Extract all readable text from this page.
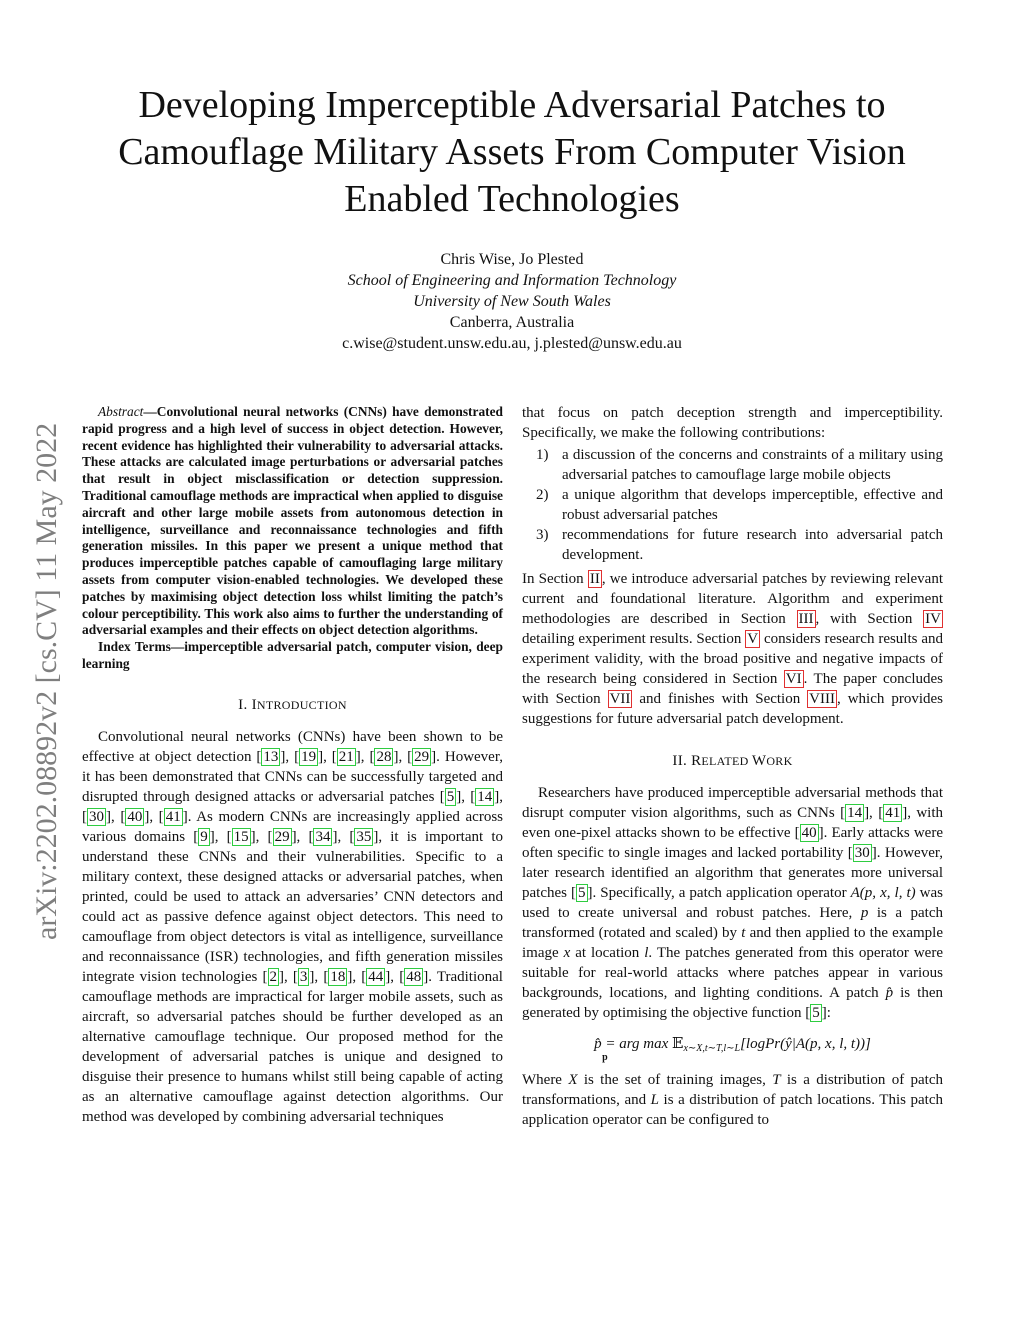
Developing Imperceptible Adversarial Patches to
Camouflage Military Assets From Computer Vision
Enabled Technologies
Chris Wise, Jo Plested
School of Engineering and Information Technology
University of New South Wales
Canberra, Australia
c.wise@student.unsw.edu.au, j.plested@unsw.edu.au
arXiv:2202.08892v2 [cs.CV] 11 May 2022

Abstract—Convolutional neural networks (CNNs) have demonstrated rapid progress and a high level of success in object detection. However, recent evidence has highlighted their vulnerability to adversarial attacks. These attacks are calculated image perturbations or adversarial patches that result in object misclassification or detection suppression. Traditional camouflage methods are impractical when applied to disguise aircraft and other large mobile assets from autonomous detection in intelligence, surveillance and reconnaissance technologies and fifth generation missiles. In this paper we present a unique method that produces imperceptible patches capable of camouflaging large military assets from computer vision-enabled technologies. We developed these patches by maximising object detection loss whilst limiting the patch’s colour perceptibility. This work also aims to further the understanding of adversarial examples and their effects on object detection algorithms.

Index Terms—imperceptible adversarial patch, computer vision, deep learning

I. INTRODUCTION

Convolutional neural networks (CNNs) have been shown to be effective at object detection [ 13 ], [ 19 ], [ 21 ], [ 28 ], [ 29 ]. However, it has been demonstrated that CNNs can be successfully targeted and disrupted through designed attacks or adversarial patches [ 5 ], [ 14 ], [ 30 ], [ 40 ], [ 41 ]. As modern CNNs are increasingly applied across various domains [ 9 ], [ 15 ], [ 29 ], [ 34 ], [ 35 ], it is important to understand these CNNs and their vulnerabilities. Specific to a military context, these designed attacks or adversarial patches, when printed, could be used to attack an adversaries’ CNN detectors and could act as passive defence against object detectors. This need to camouflage from object detectors is vital as intelligence, surveillance and reconnaissance (ISR) technologies, and fifth generation missiles integrate vision technologies [ 2 ], [ 3 ], [ 18 ], [ 44 ], [ 48 ]. Traditional camouflage methods are impractical for larger mobile assets, such as aircraft, so adversarial patches should be further developed as an alternative camouflage technique. Our proposed method for the development of adversarial patches is unique and designed to disguise their presence to humans whilst still being capable of acting as an alternative camouflage against detection algorithms. Our method was developed by combining adversarial techniques

that focus on patch deception strength and imperceptibility. Specifically, we make the following contributions:

1) a discussion of the concerns and constraints of a military using adversarial patches to camouflage large mobile objects
2) a unique algorithm that develops imperceptible, effective and robust adversarial patches
3) recommendations for future research into adversarial patch development.

In Section II , we introduce adversarial patches by reviewing relevant current and foundational literature. Algorithm and experiment methodologies are described in Section III , with Section IV detailing experiment results. Section V considers research results and experiment validity, with the broad positive and negative impacts of the research being considered in Section VI . The paper concludes with Section VII and finishes with Section VIII , which provides suggestions for future adversarial patch development.

II. RELATED WORK

Researchers have produced imperceptible adversarial methods that disrupt computer vision algorithms, such as CNNs [ 14 ], [ 41 ], with even one-pixel attacks shown to be effective [ 40 ]. Early attacks were often specific to single images and lacked portability [ 30 ]. However, later research identified an algorithm that generates more universal patches [ 5 ]. Specifically, a patch application operator A(p, x, l, t) was used to create universal and robust patches. Here, p is a patch transformed (rotated and scaled) by t and then applied to the example image x at location l. The patches generated from this operator were suitable for real-world attacks where patches appear in various backgrounds, locations, and lighting conditions. A patch p̂ is then generated by optimising the objective function [ 5 ]:

p̂ = arg max
p
𝔼$_{x\sim X,t\sim T,l\sim L}$[logPr(ŷ|A(p, x, l, t))]

Where X is the set of training images, T is a distribution of patch transformations, and L is a distribution of patch locations. This patch application operator can be configured to
